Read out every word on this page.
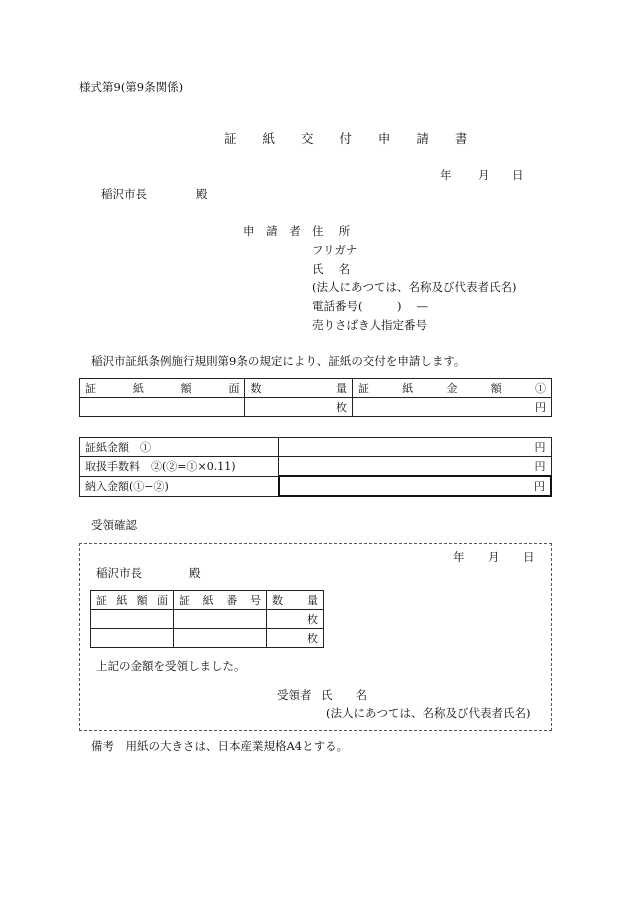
様式第9(第9条関係)
証 紙 交 付 申 請 書
年 月 日
稲沢市長	殿
申 請 者 住　 所
フリガナ
氏　 名
(法人にあつては、名称及び代表者氏名)
電話番号(　　　)　 —
売りさばき人指定番号
稲沢市証紙条例施行規則第9条の規定により、証紙の交付を申請します。
証紙額面	数量	証紙金額①

	枚	円
証紙金額　①	円
取扱手数料　②(②=①×0.11)	円
納入金額(①−②)	円
受領確認
年 月 日
稲沢市長	殿
証紙額面	証紙番号	数量

		枚
		枚
上記の金額を受領しました。
受領者 氏　　名
(法人にあつては、名称及び代表者氏名)
備考　用紙の大きさは、日本産業規格A4とする。
